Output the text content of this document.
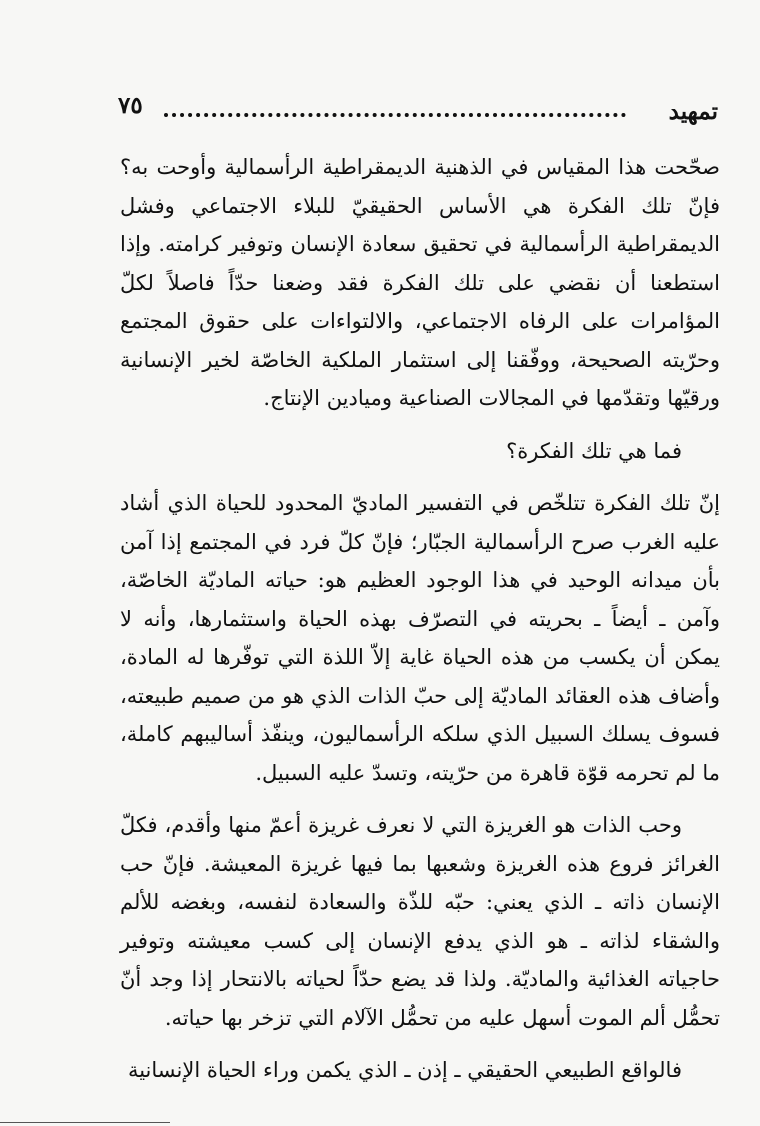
تمهيد
٧٥

صحّحت هذا المقياس في الذهنية الديمقراطية الرأسمالية وأوحت به؟ فإنّ تلك الفكرة هي الأساس الحقيقيّ للبلاء الاجتماعي وفشل الديمقراطية الرأسمالية في تحقيق سعادة الإنسان وتوفير كرامته. وإذا استطعنا أن نقضي على تلك الفكرة فقد وضعنا حدّاً فاصلاً لكلّ المؤامرات على الرفاه الاجتماعي، والالتواءات على حقوق المجتمع وحرّيته الصحيحة، ووفّقنا إلى استثمار الملكية الخاصّة لخير الإنسانية ورقيّها وتقدّمها في المجالات الصناعية وميادين الإنتاج.

فما هي تلك الفكرة؟

إنّ تلك الفكرة تتلخّص في التفسير الماديّ المحدود للحياة الذي أشاد عليه الغرب صرح الرأسمالية الجبّار؛ فإنّ كلّ فرد في المجتمع إذا آمن بأن ميدانه الوحيد في هذا الوجود العظيم هو: حياته الماديّة الخاصّة، وآمن ـ أيضاً ـ بحريته في التصرّف بهذه الحياة واستثمارها، وأنه لا يمكن أن يكسب من هذه الحياة غاية إلاّ اللذة التي توفّرها له المادة، وأضاف هذه العقائد الماديّة إلى حبّ الذات الذي هو من صميم طبيعته، فسوف يسلك السبيل الذي سلكه الرأسماليون، وينفّذ أساليبهم كاملة، ما لم تحرمه قوّة قاهرة من حرّيته، وتسدّ عليه السبيل.

وحب الذات هو الغريزة التي لا نعرف غريزة أعمّ منها وأقدم، فكلّ الغرائز فروع هذه الغريزة وشعبها بما فيها غريزة المعيشة. فإنّ حب الإنسان ذاته ـ الذي يعني: حبّه للذّة والسعادة لنفسه، وبغضه للألم والشقاء لذاته ـ هو الذي يدفع الإنسان إلى كسب معيشته وتوفير حاجياته الغذائية والماديّة. ولذا قد يضع حدّاً لحياته بالانتحار إذا وجد أنّ تحمُّل ألم الموت أسهل عليه من تحمُّل الآلام التي تزخر بها حياته.

فالواقع الطبيعي الحقيقي ـ إذن ـ الذي يكمن وراء الحياة الإنسانية
